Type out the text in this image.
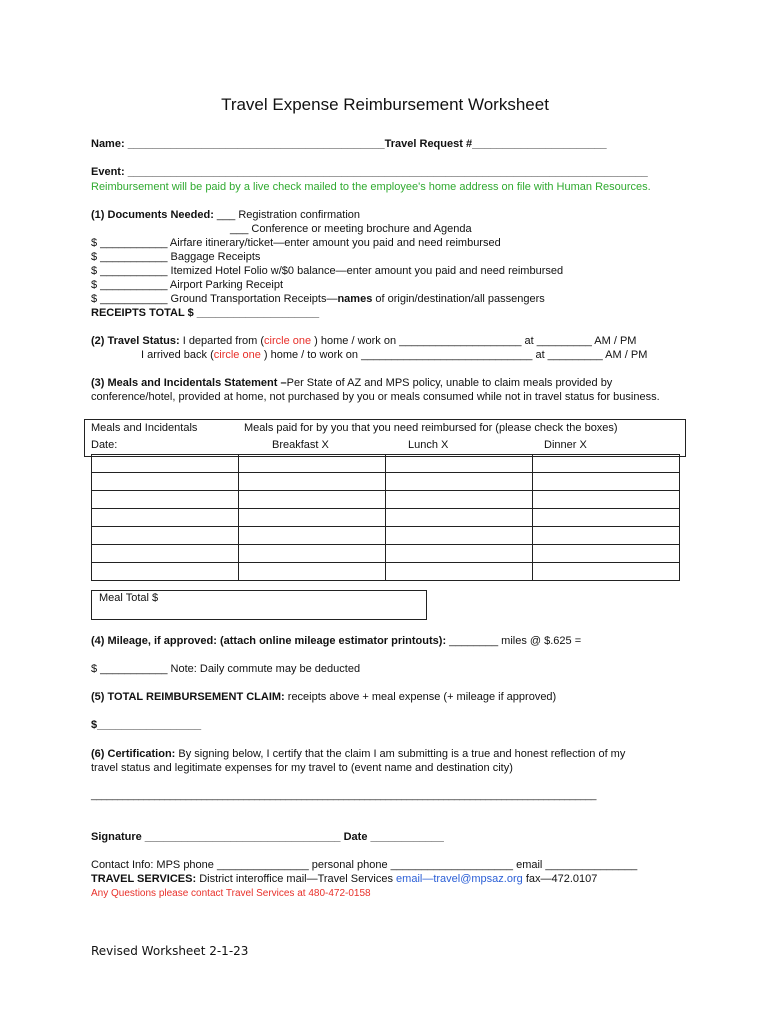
Travel Expense Reimbursement Worksheet
Name: __________________________________________Travel Request #______________________
Event: _____________________________________________________________________________________
Reimbursement will be paid by a live check mailed to the employee's home address on file with Human Resources.
(1) Documents Needed: ___ Registration confirmation
___ Conference or meeting brochure and Agenda
$ ___________ Airfare itinerary/ticket—enter amount you paid and need reimbursed
$ ___________ Baggage Receipts
$ ___________ Itemized Hotel Folio w/$0 balance—enter amount you paid and need reimbursed
$ ___________ Airport Parking Receipt
$ ___________ Ground Transportation Receipts—names of origin/destination/all passengers
RECEIPTS TOTAL $ ____________________
(2) Travel Status: I departed from (circle one ) home / work on ____________________ at _________ AM / PM
I arrived back (circle one ) home / to work on ____________________________ at _________ AM / PM
(3) Meals and Incidentals Statement –Per State of AZ and MPS policy, unable to claim meals provided by
conference/hotel, provided at home, not purchased by you or meals consumed while not in travel status for business.
Meals and Incidentals	Meals paid for by you that you need reimbursed for (please check the boxes)
Date:	Breakfast X	Lunch X	Dinner X

Meal Total $
(4) Mileage, if approved: (attach online mileage estimator printouts): ________ miles @ $.625 =
$ ___________ Note: Daily commute may be deducted
(5) TOTAL REIMBURSEMENT CLAIM: receipts above + meal expense (+ mileage if approved)
$_________________
(6) Certification: By signing below, I certify that the claim I am submitting is a true and honest reflection of my
travel status and legitimate expenses for my travel to (event name and destination city)
________________________________________________________________________________________________
Signature ________________________________ Date ____________
Contact Info: MPS phone _______________ personal phone ____________________ email _______________
TRAVEL SERVICES: District interoffice mail—Travel Services email—travel@mpsaz.org fax—472.0107
Any Questions please contact Travel Services at 480-472-0158
Revised Worksheet 2-1-23
